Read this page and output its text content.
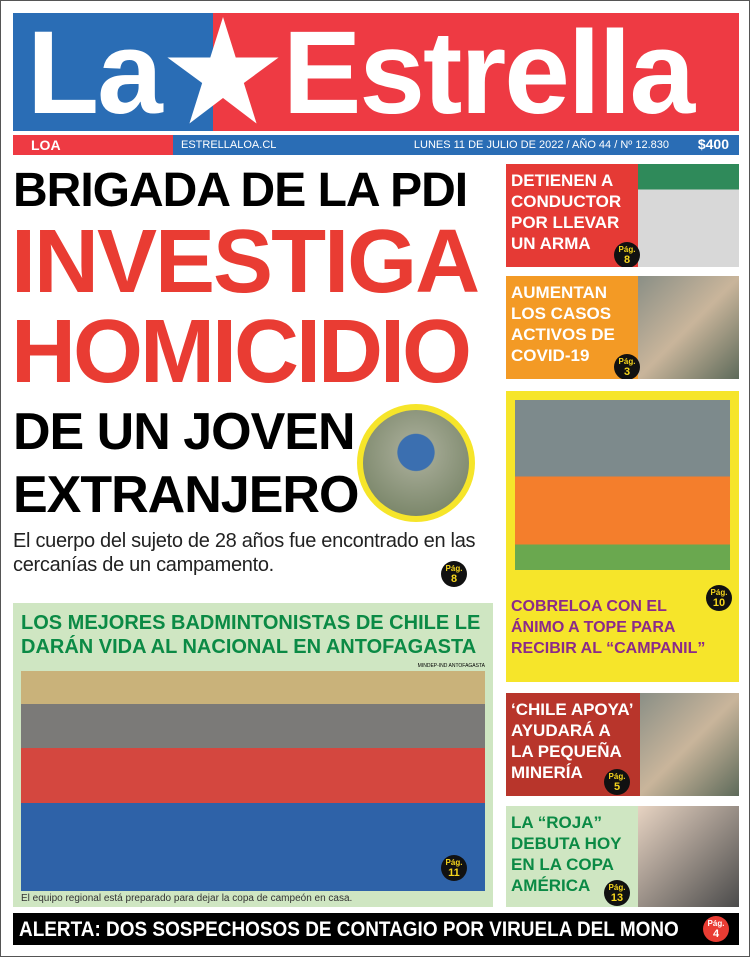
La Estrella
LOA	ESTRELLALOA.CL	LUNES 11 DE JULIO DE 2022 / AÑO 44 / Nº 12.830 $400
BRIGADA DE LA PDI
INVESTIGA
HOMICIDIO
DE UN JOVEN
EXTRANJERO
El cuerpo del sujeto de 28 años fue encontrado en las cercanías de un campamento.	Pág.
8
LOS MEJORES BADMINTONISTAS DE CHILE LE
DARÁN VIDA AL NACIONAL EN ANTOFAGASTA
MINDEP-IND ANTOFAGASTA
Pág.
11
El equipo regional está preparado para dejar la copa de campeón en casa.
DETIENEN A
CONDUCTOR
POR LLEVAR
UN ARMA	Pág.
8
AUMENTAN
LOS CASOS
ACTIVOS DE
COVID-19	Pág.
3
COBRELOA CON EL
ÁNIMO A TOPE PARA
RECIBIR AL “CAMPANIL”
Pág.
10
‘CHILE APOYA’
AYUDARÁ A
LA PEQUEÑA
MINERÍA	Pág.
5
LA “ROJA”
DEBUTA HOY
EN LA COPA
AMÉRICA	Pág.
13
ALERTA: DOS SOSPECHOSOS DE CONTAGIO POR VIRUELA DEL MONO	Pág.
4
